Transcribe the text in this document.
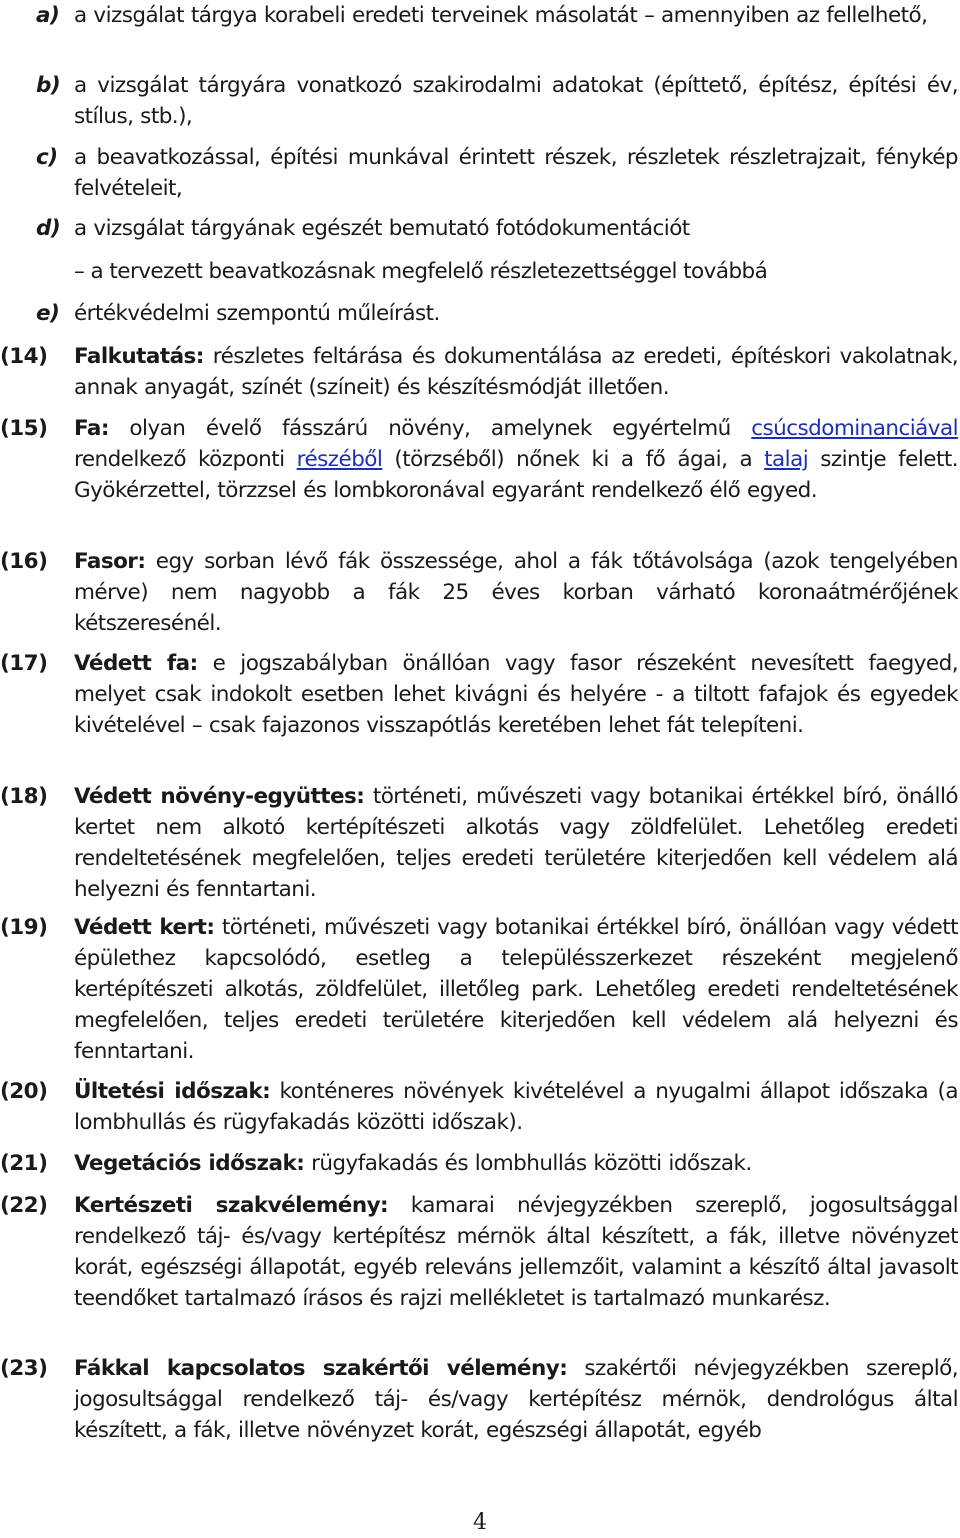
a) a vizsgálat tárgya korabeli eredeti terveinek másolatát – amennyiben az fellelhető,
b) a vizsgálat tárgyára vonatkozó szakirodalmi adatokat (építtető, építész, építési év, stílus, stb.),
c) a beavatkozással, építési munkával érintett részek, részletek részletrajzait, fénykép felvételeit,
d) a vizsgálat tárgyának egészét bemutató fotódokumentációt
– a tervezett beavatkozásnak megfelelő részletezettséggel továbbá
e) értékvédelmi szempontú műleírást.
(14) Falkutatás: részletes feltárása és dokumentálása az eredeti, építéskori vakolatnak, annak anyagát, színét (színeit) és készítésmódját illetően.
(15) Fa: olyan évelő fásszárú növény, amelynek egyértelmű csúcsdominanciával rendelkező központi részéből (törzséből) nőnek ki a fő ágai, a talaj szintje felett. Gyökérzettel, törzzsel és lombkoronával egyaránt rendelkező élő egyed.
(16) Fasor: egy sorban lévő fák összessége, ahol a fák tőtávolsága (azok tengelyében mérve) nem nagyobb a fák 25 éves korban várható koronaátmérőjének kétszeresénél.
(17) Védett fa: e jogszabályban önállóan vagy fasor részeként nevesített faegyed, melyet csak indokolt esetben lehet kivágni és helyére - a tiltott fafajok és egyedek kivételével – csak fajazonos visszapótlás keretében lehet fát telepíteni.
(18) Védett növény-együttes: történeti, művészeti vagy botanikai értékkel bíró, önálló kertet nem alkotó kertépítészeti alkotás vagy zöldfelület. Lehetőleg eredeti rendeltetésének megfelelően, teljes eredeti területére kiterjedően kell védelem alá helyezni és fenntartani.
(19) Védett kert: történeti, művészeti vagy botanikai értékkel bíró, önállóan vagy védett épülethez kapcsolódó, esetleg a településszerkezet részeként megjelenő kertépítészeti alkotás, zöldfelület, illetőleg park. Lehetőleg eredeti rendeltetésének megfelelően, teljes eredeti területére kiterjedően kell védelem alá helyezni és fenntartani.
(20) Ültetési időszak: konténeres növények kivételével a nyugalmi állapot időszaka (a lombhullás és rügyfakadás közötti időszak).
(21) Vegetációs időszak: rügyfakadás és lombhullás közötti időszak.
(22) Kertészeti szakvélemény: kamarai névjegyzékben szereplő, jogosultsággal rendelkező táj- és/vagy kertépítész mérnök által készített, a fák, illetve növényzet korát, egészségi állapotát, egyéb releváns jellemzőit, valamint a készítő által javasolt teendőket tartalmazó írásos és rajzi mellékletet is tartalmazó munkarész.
(23) Fákkal kapcsolatos szakértői vélemény: szakértői névjegyzékben szereplő, jogosultsággal rendelkező táj- és/vagy kertépítész mérnök, dendrológus által készített, a fák, illetve növényzet korát, egészségi állapotát, egyéb
4
